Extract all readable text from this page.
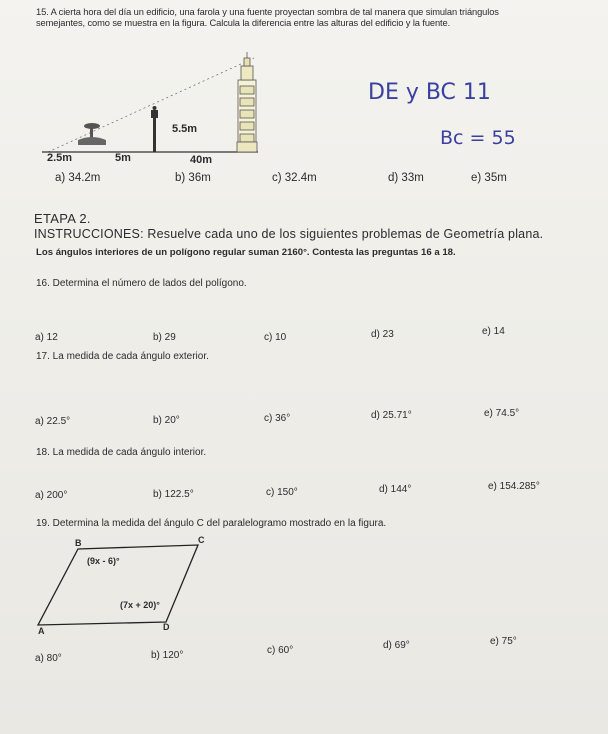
15. A cierta hora del día un edificio, una farola y una fuente proyectan sombra de tal manera que simulan triángulos
semejantes, como se muestra en la figura. Calcula la diferencia entre las alturas del edificio y la fuente.
5.5m
2.5m	5m	40m
a) 34.2m	b) 36m	c) 32.4m	d) 33m	e) 35m
DE y BC 11
Bc = 55
ETAPA 2.
INSTRUCCIONES: Resuelve cada uno de los siguientes problemas de Geometría plana.
Los ángulos interiores de un polígono regular suman 2160°. Contesta las preguntas 16 a 18.
16. Determina el número de lados del polígono.
a) 12	b) 29	c) 10	d) 23	e) 14
17. La medida de cada ángulo exterior.
a) 22.5°	b) 20°	c) 36°	d) 25.71°	e) 74.5°
18. La medida de cada ángulo interior.
a) 200°	b) 122.5°	c) 150°	d) 144°	e) 154.285°
19. Determina la medida del ángulo C del paralelogramo mostrado en la figura.
B	C
A	D
(9x - 6)°
(7x + 20)°
a) 80°	b) 120°	c) 60°	d) 69°	e) 75°
